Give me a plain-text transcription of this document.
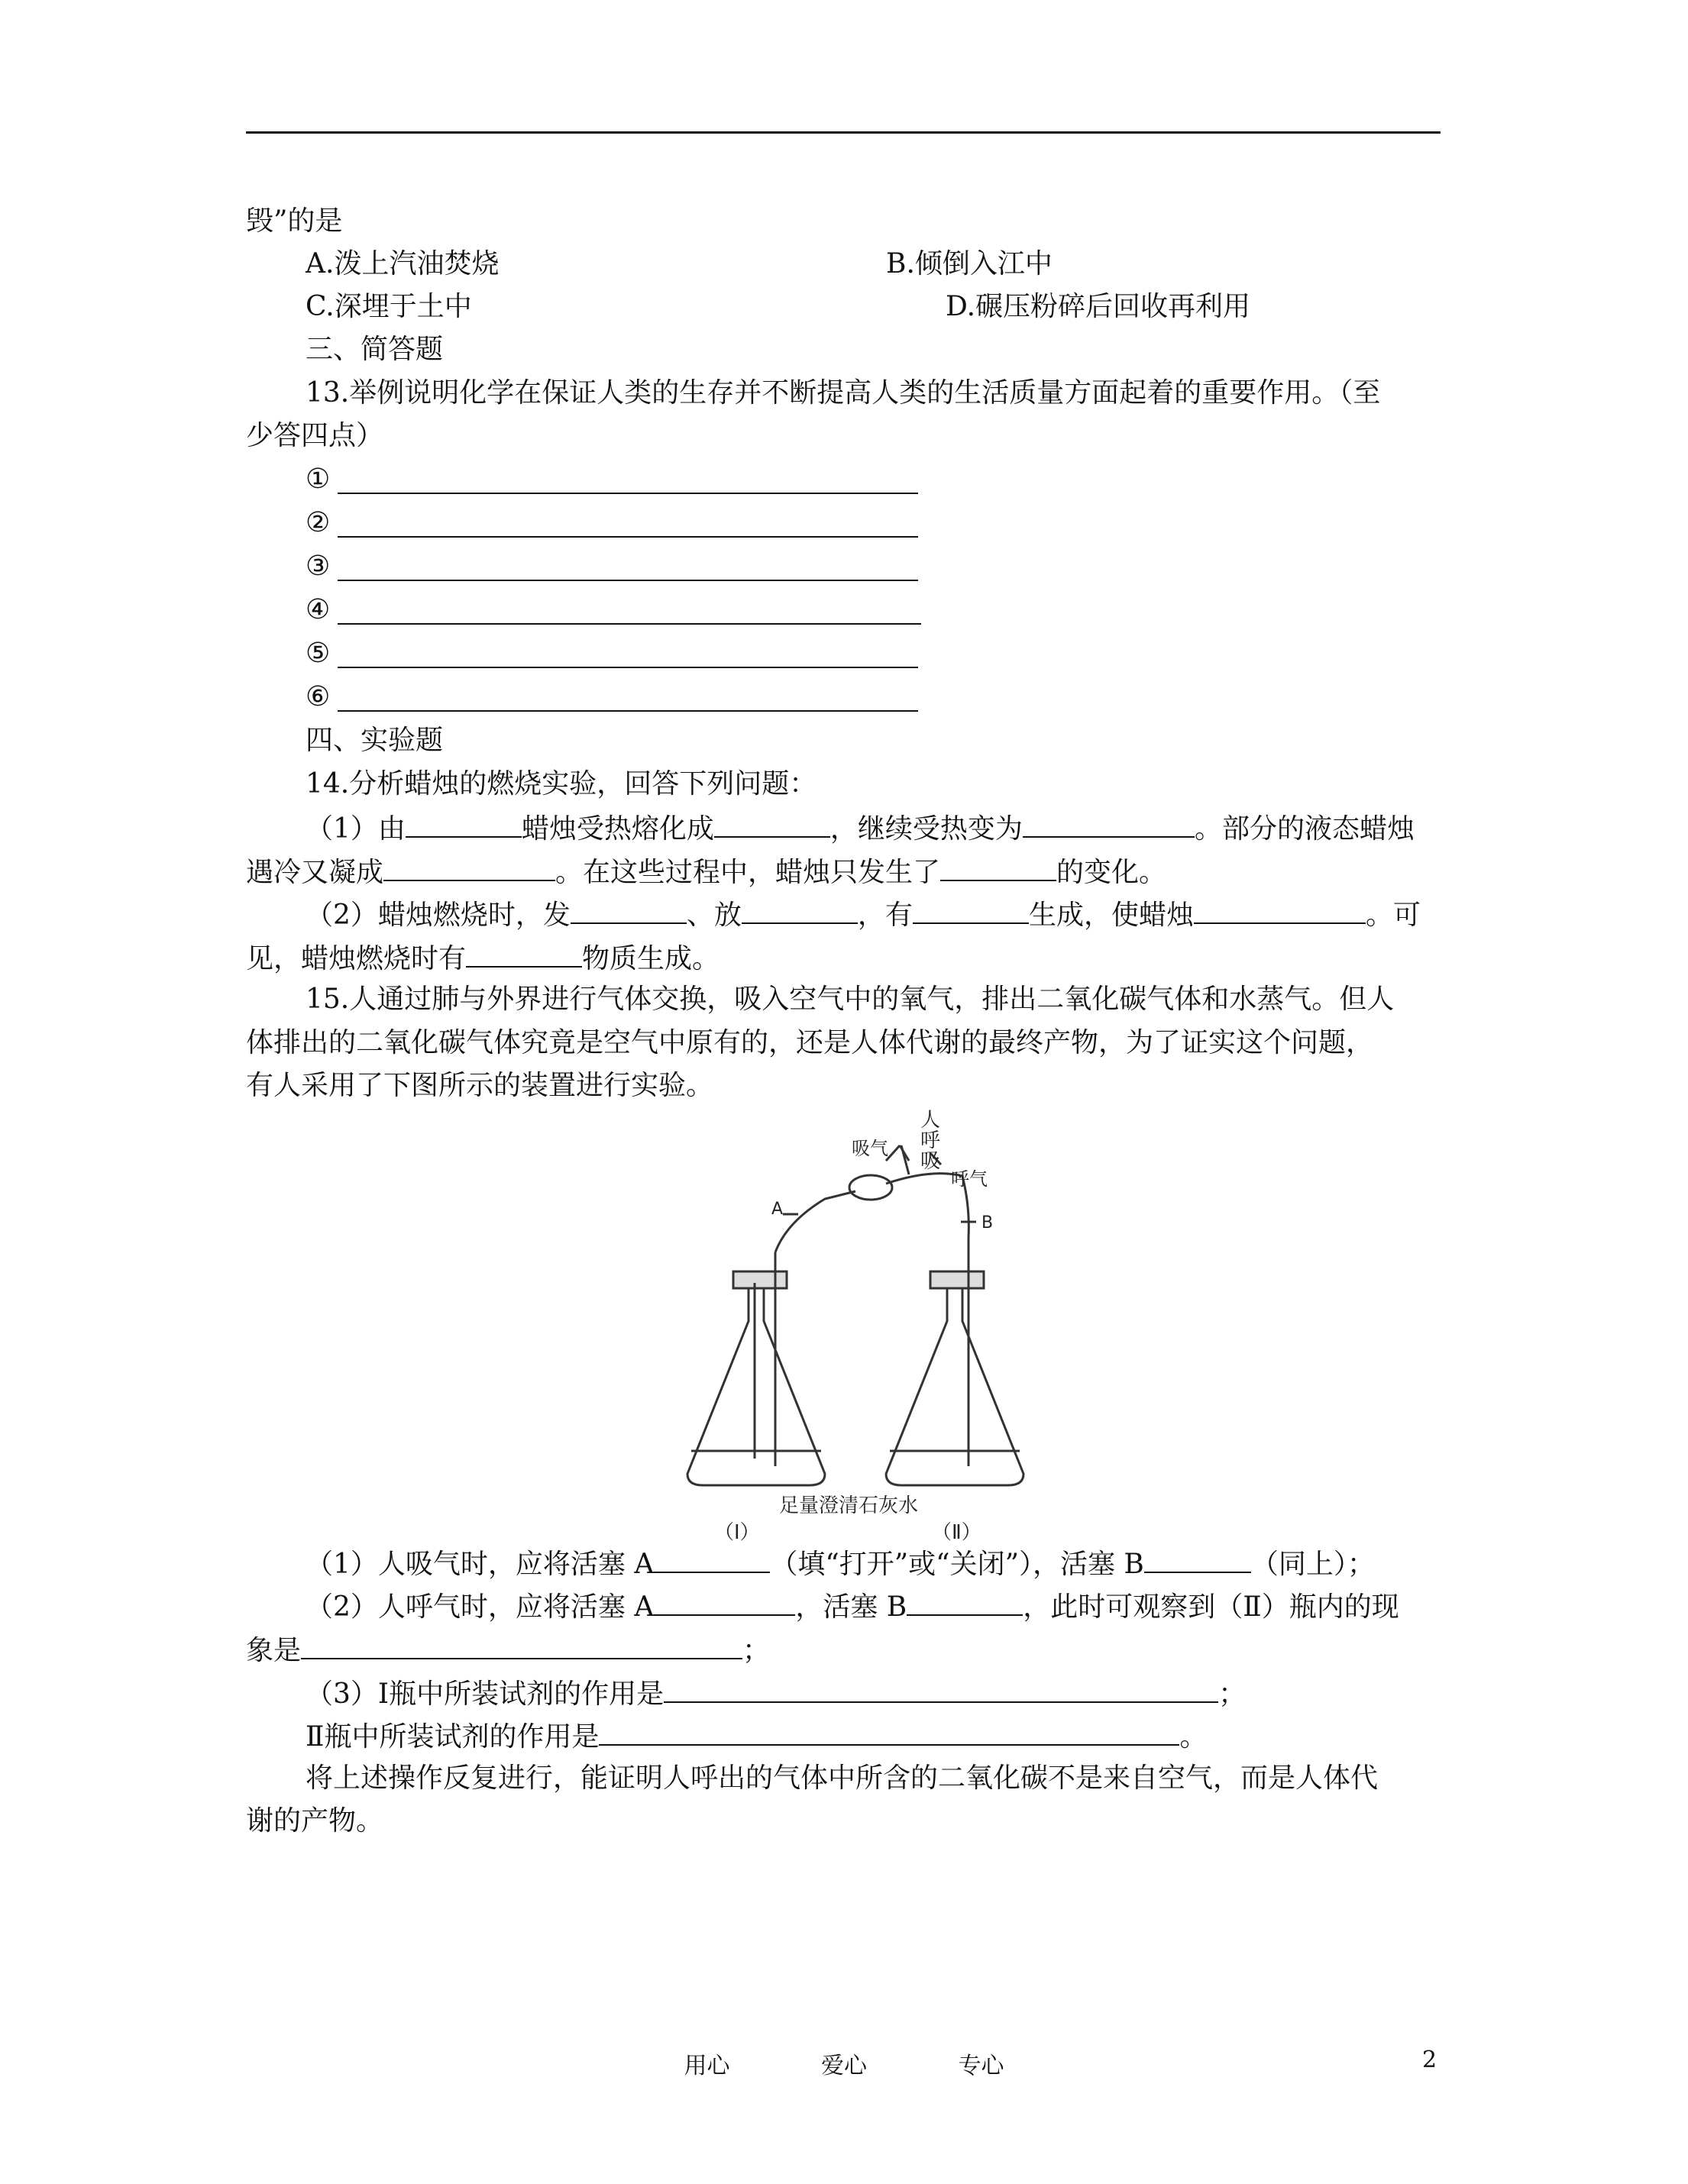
毁”的是
A.泼上汽油焚烧	B.倾倒入江中
C.深埋于土中	D.碾压粉碎后回收再利用
三、简答题
13.举例说明化学在保证人类的生存并不断提高人类的生活质量方面起着的重要作用。（至
少答四点）
①
②
③
④
⑤
⑥
四、实验题
14.分析蜡烛的燃烧实验，回答下列问题：
（1）由	蜡烛受热熔化成	，继续受热变为	。部分的液态蜡烛
遇冷又凝成	。在这些过程中，蜡烛只发生了	的变化。
（2）蜡烛燃烧时，发	、放	，有	生成，使蜡烛	。可
见，蜡烛燃烧时有	物质生成。
15.人通过肺与外界进行气体交换，吸入空气中的氧气，排出二氧化碳气体和水蒸气。但人
体排出的二氧化碳气体究竟是空气中原有的，还是人体代谢的最终产物，为了证实这个问题，
有人采用了下图所示的装置进行实验。
人
呼
吸
吸气
呼气
A
B
足量澄清石灰水
（Ⅰ）	（Ⅱ）
（1）人吸气时，应将活塞 A	（填“打开”或“关闭”），活塞 B	（同上）；
（2）人呼气时，应将活塞 A	，活塞 B	，此时可观察到（Ⅱ）瓶内的现
象是	；
（3）Ⅰ瓶中所装试剂的作用是	；
Ⅱ瓶中所装试剂的作用是	。
将上述操作反复进行，能证明人呼出的气体中所含的二氧化碳不是来自空气，而是人体代
谢的产物。
用心	爱心	专心	2
